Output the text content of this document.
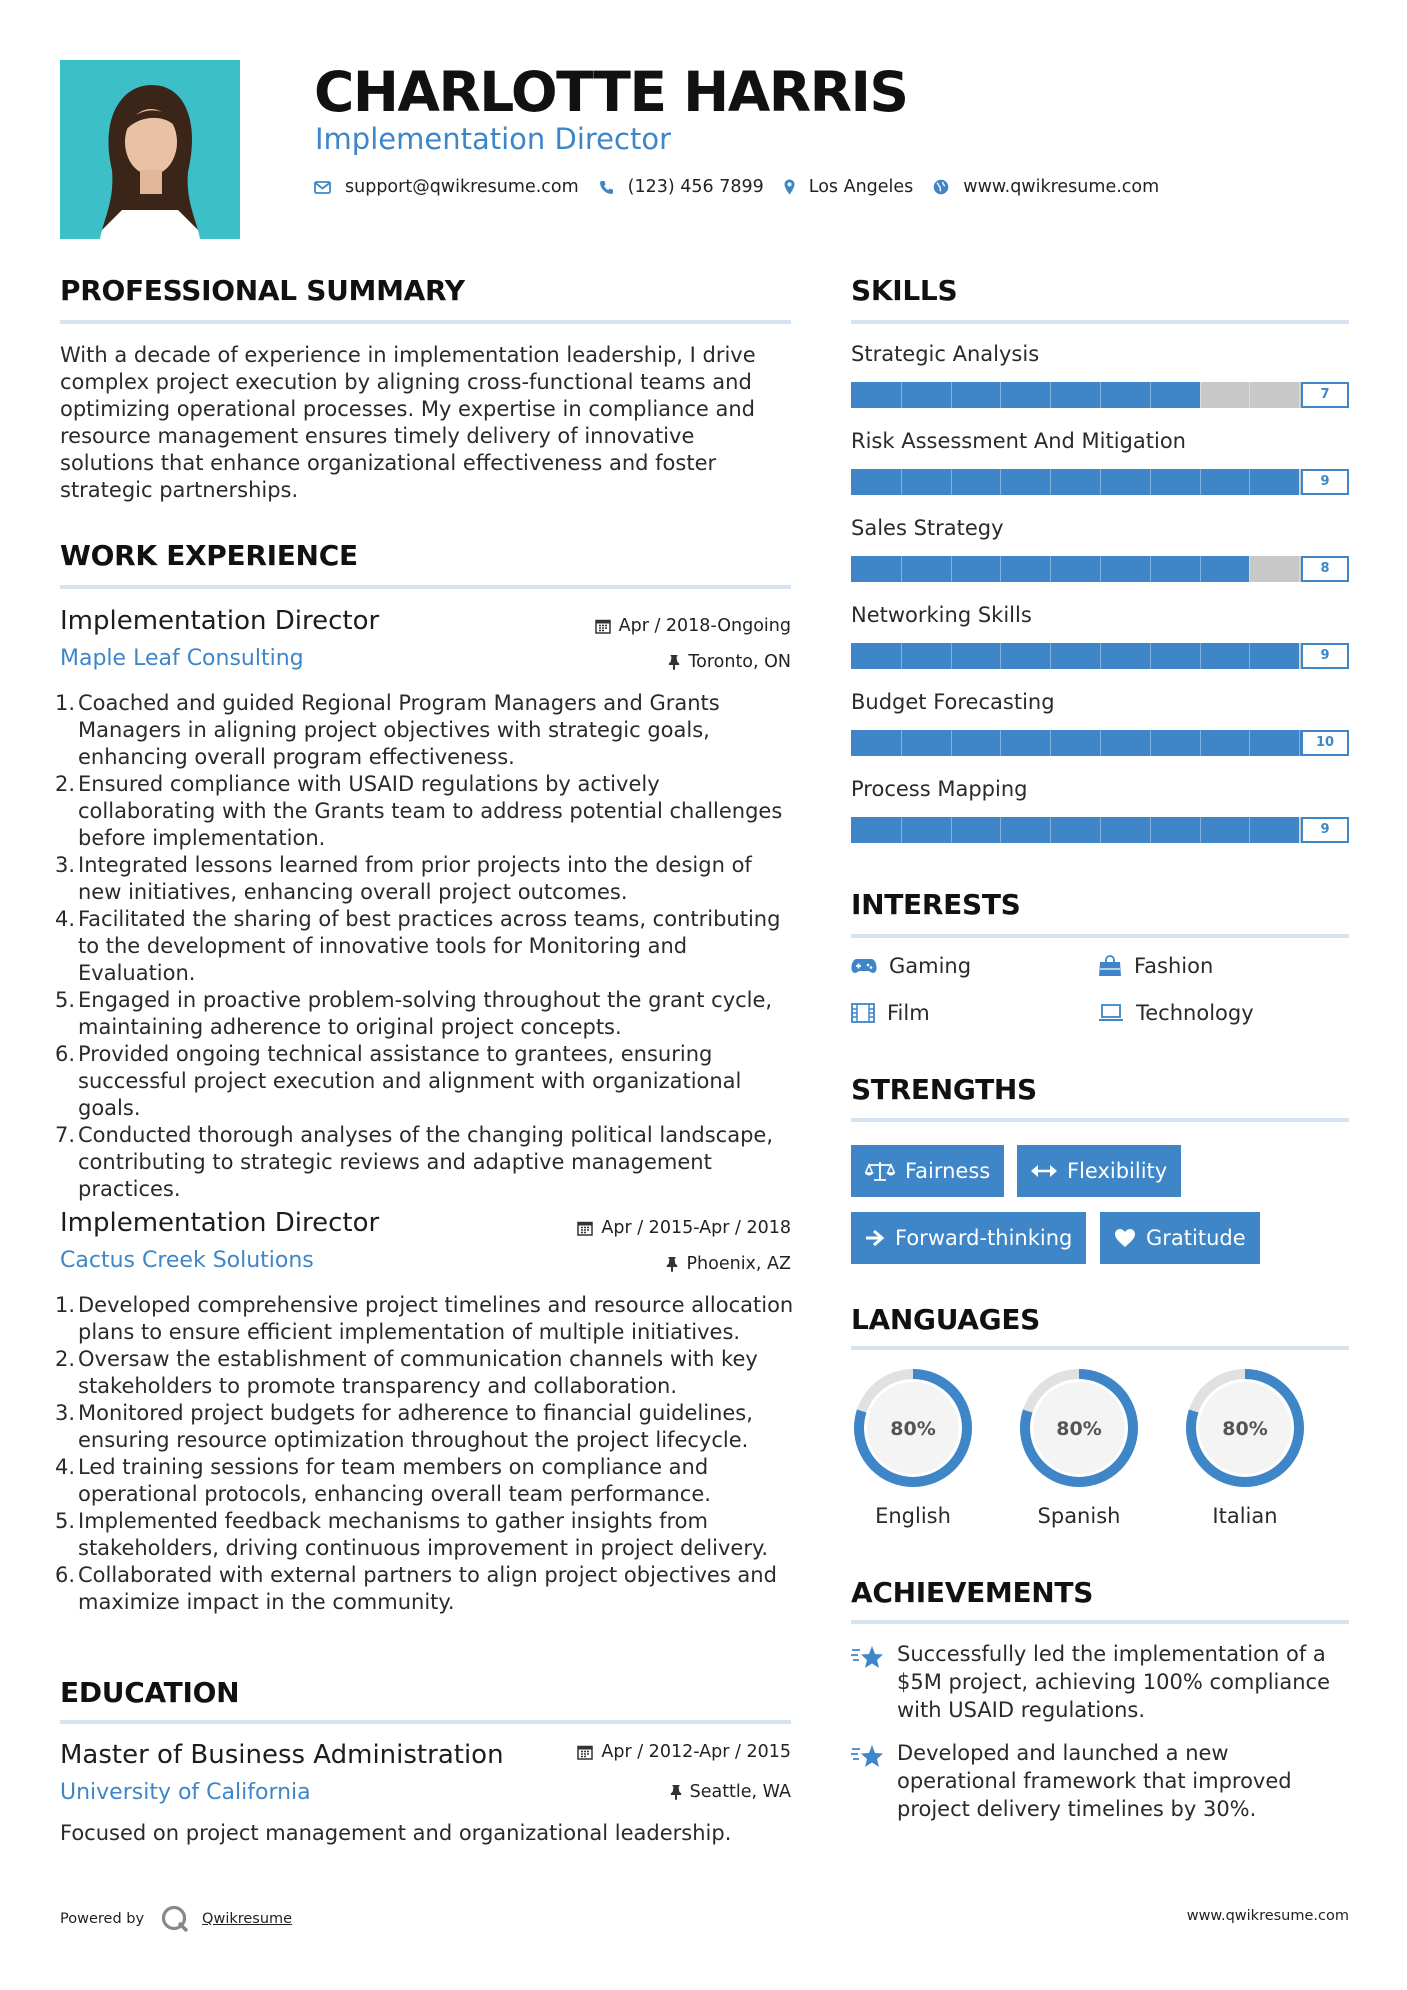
CHARLOTTE HARRIS
Implementation Director
support@qwikresume.com	(123) 456 7899	Los Angeles	www.qwikresume.com
PROFESSIONAL SUMMARY
With a decade of experience in implementation leadership, I drive complex project execution by aligning cross-functional teams and optimizing operational processes. My expertise in compliance and resource management ensures timely delivery of innovative solutions that enhance organizational effectiveness and foster strategic partnerships.
WORK EXPERIENCE
Implementation Director	Apr / 2018-Ongoing
Maple Leaf Consulting	Toronto, ON
1. Coached and guided Regional Program Managers and Grants Managers in aligning project objectives with strategic goals, enhancing overall program effectiveness.
2. Ensured compliance with USAID regulations by actively collaborating with the Grants team to address potential challenges before implementation.
3. Integrated lessons learned from prior projects into the design of new initiatives, enhancing overall project outcomes.
4. Facilitated the sharing of best practices across teams, contributing to the development of innovative tools for Monitoring and Evaluation.
5. Engaged in proactive problem-solving throughout the grant cycle, maintaining adherence to original project concepts.
6. Provided ongoing technical assistance to grantees, ensuring successful project execution and alignment with organizational goals.
7. Conducted thorough analyses of the changing political landscape, contributing to strategic reviews and adaptive management practices.
Implementation Director	Apr / 2015-Apr / 2018
Cactus Creek Solutions	Phoenix, AZ
1. Developed comprehensive project timelines and resource allocation plans to ensure efficient implementation of multiple initiatives.
2. Oversaw the establishment of communication channels with key stakeholders to promote transparency and collaboration.
3. Monitored project budgets for adherence to financial guidelines, ensuring resource optimization throughout the project lifecycle.
4. Led training sessions for team members on compliance and operational protocols, enhancing overall team performance.
5. Implemented feedback mechanisms to gather insights from stakeholders, driving continuous improvement in project delivery.
6. Collaborated with external partners to align project objectives and maximize impact in the community.
EDUCATION
Master of Business Administration	Apr / 2012-Apr / 2015
University of California	Seattle, WA
Focused on project management and organizational leadership.
SKILLS
Strategic Analysis
7
Risk Assessment And Mitigation
9
Sales Strategy
8
Networking Skills
9
Budget Forecasting
10
Process Mapping
9
INTERESTS
Gaming	Fashion
Film	Technology
STRENGTHS
Fairness	Flexibility
Forward-thinking	Gratitude
LANGUAGES
80%
English
80%
Spanish
80%
Italian
ACHIEVEMENTS
Successfully led the implementation of a $5M project, achieving 100% compliance with USAID regulations.
Developed and launched a new operational framework that improved project delivery timelines by 30%.
Powered by	Qwikresume	www.qwikresume.com
